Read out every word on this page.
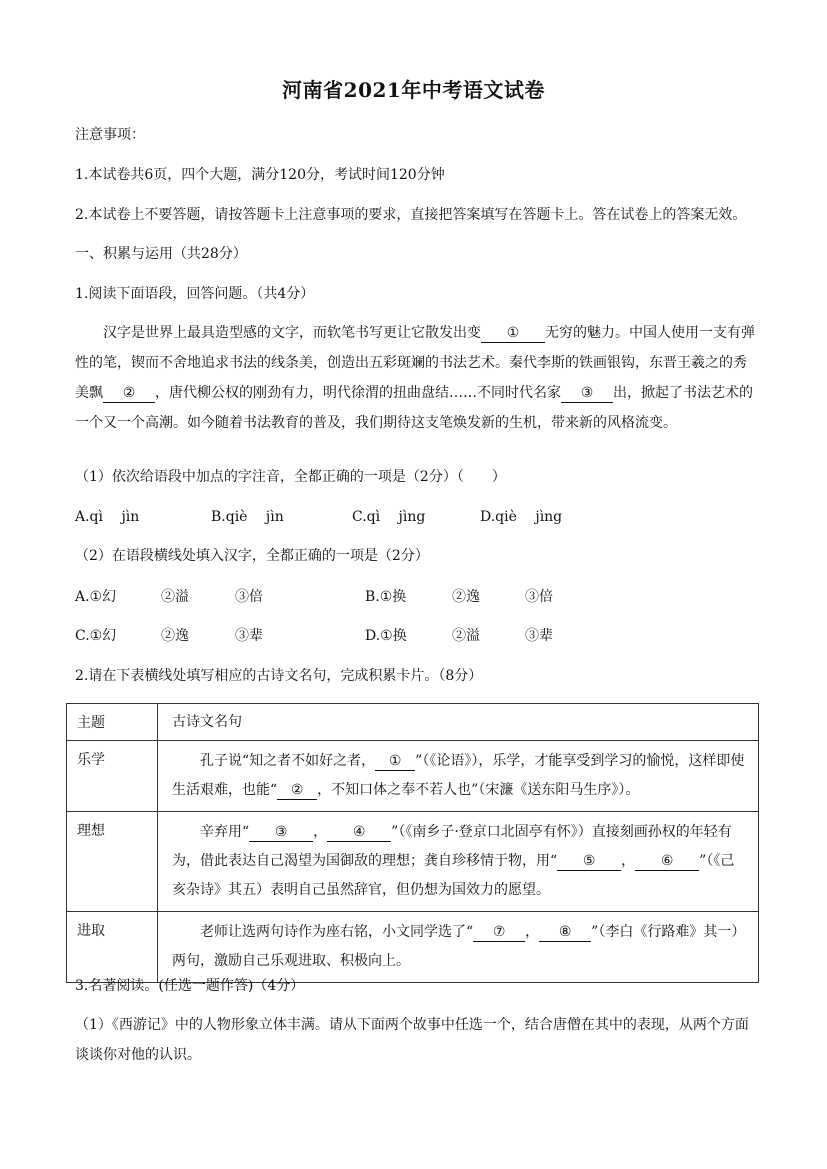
河南省2021年中考语文试卷
注意事项：
1.本试卷共6页，四个大题，满分120分，考试时间120分钟
2.本试卷上不要答题，请按答题卡上注意事项的要求，直接把答案填写在答题卡上。答在试卷上的答案无效。
一、积累与运用（共28分）
1.阅读下面语段，回答问题。（共4分）
汉字是世界上最具造型感的文字，而软笔书写更让它散发出变 ① 无穷的魅力。中国人使用一支有弹性的笔，锲而不舍地追求书法的线条美，创造出五彩斑斓的书法艺术。秦代李斯的铁画银钩，东晋王羲之的秀美飘 ② ，唐代柳公权的刚劲有力，明代徐渭的扭曲盘结……不同时代名家 ③ 出，掀起了书法艺术的一个又一个高潮。如今随着书法教育的普及，我们期待这支笔焕发新的生机，带来新的风格流变。
（1）依次给语段中加点的字注音，全都正确的一项是（2分）（　　）
A.qì　 jìn	B.qiè　 jìn	C.qì　 jìng	D.qiè　 jìng
（2）在语段横线处填入汉字，全都正确的一项是（2分）
A.①幻	②溢	③倍	B.①换	②逸	③倍
C.①幻	②逸	③辈	D.①换	②溢	③辈
2.请在下表横线处填写相应的古诗文名句，完成积累卡片。（8分）
主题	古诗文名句
乐学	孔子说“知之者不如好之者， ① ”（《论语》），乐学，才能享受到学习的愉悦，这样即使生活艰难，也能“ ② ，不知口体之奉不若人也”（宋濂《送东阳马生序》）。
理想	辛弃用“ ③ ， ④ ”（《南乡子·登京口北固亭有怀》）直接刻画孙权的年轻有为，借此表达自己渴望为国御敌的理想；龚自珍移情于物，用“ ⑤ ， ⑥ ”（《己亥杂诗》其五）表明自己虽然辞官，但仍想为国效力的愿望。
进取	老师让选两句诗作为座右铭，小文同学选了“ ⑦ ， ⑧ ”（李白《行路难》其一）两句，激励自己乐观进取、积极向上。
3.名著阅读。(任选一题作答)（4分）
（1）《西游记》中的人物形象立体丰满。请从下面两个故事中任选一个，结合唐僧在其中的表现，从两个方面谈谈你对他的认识。
